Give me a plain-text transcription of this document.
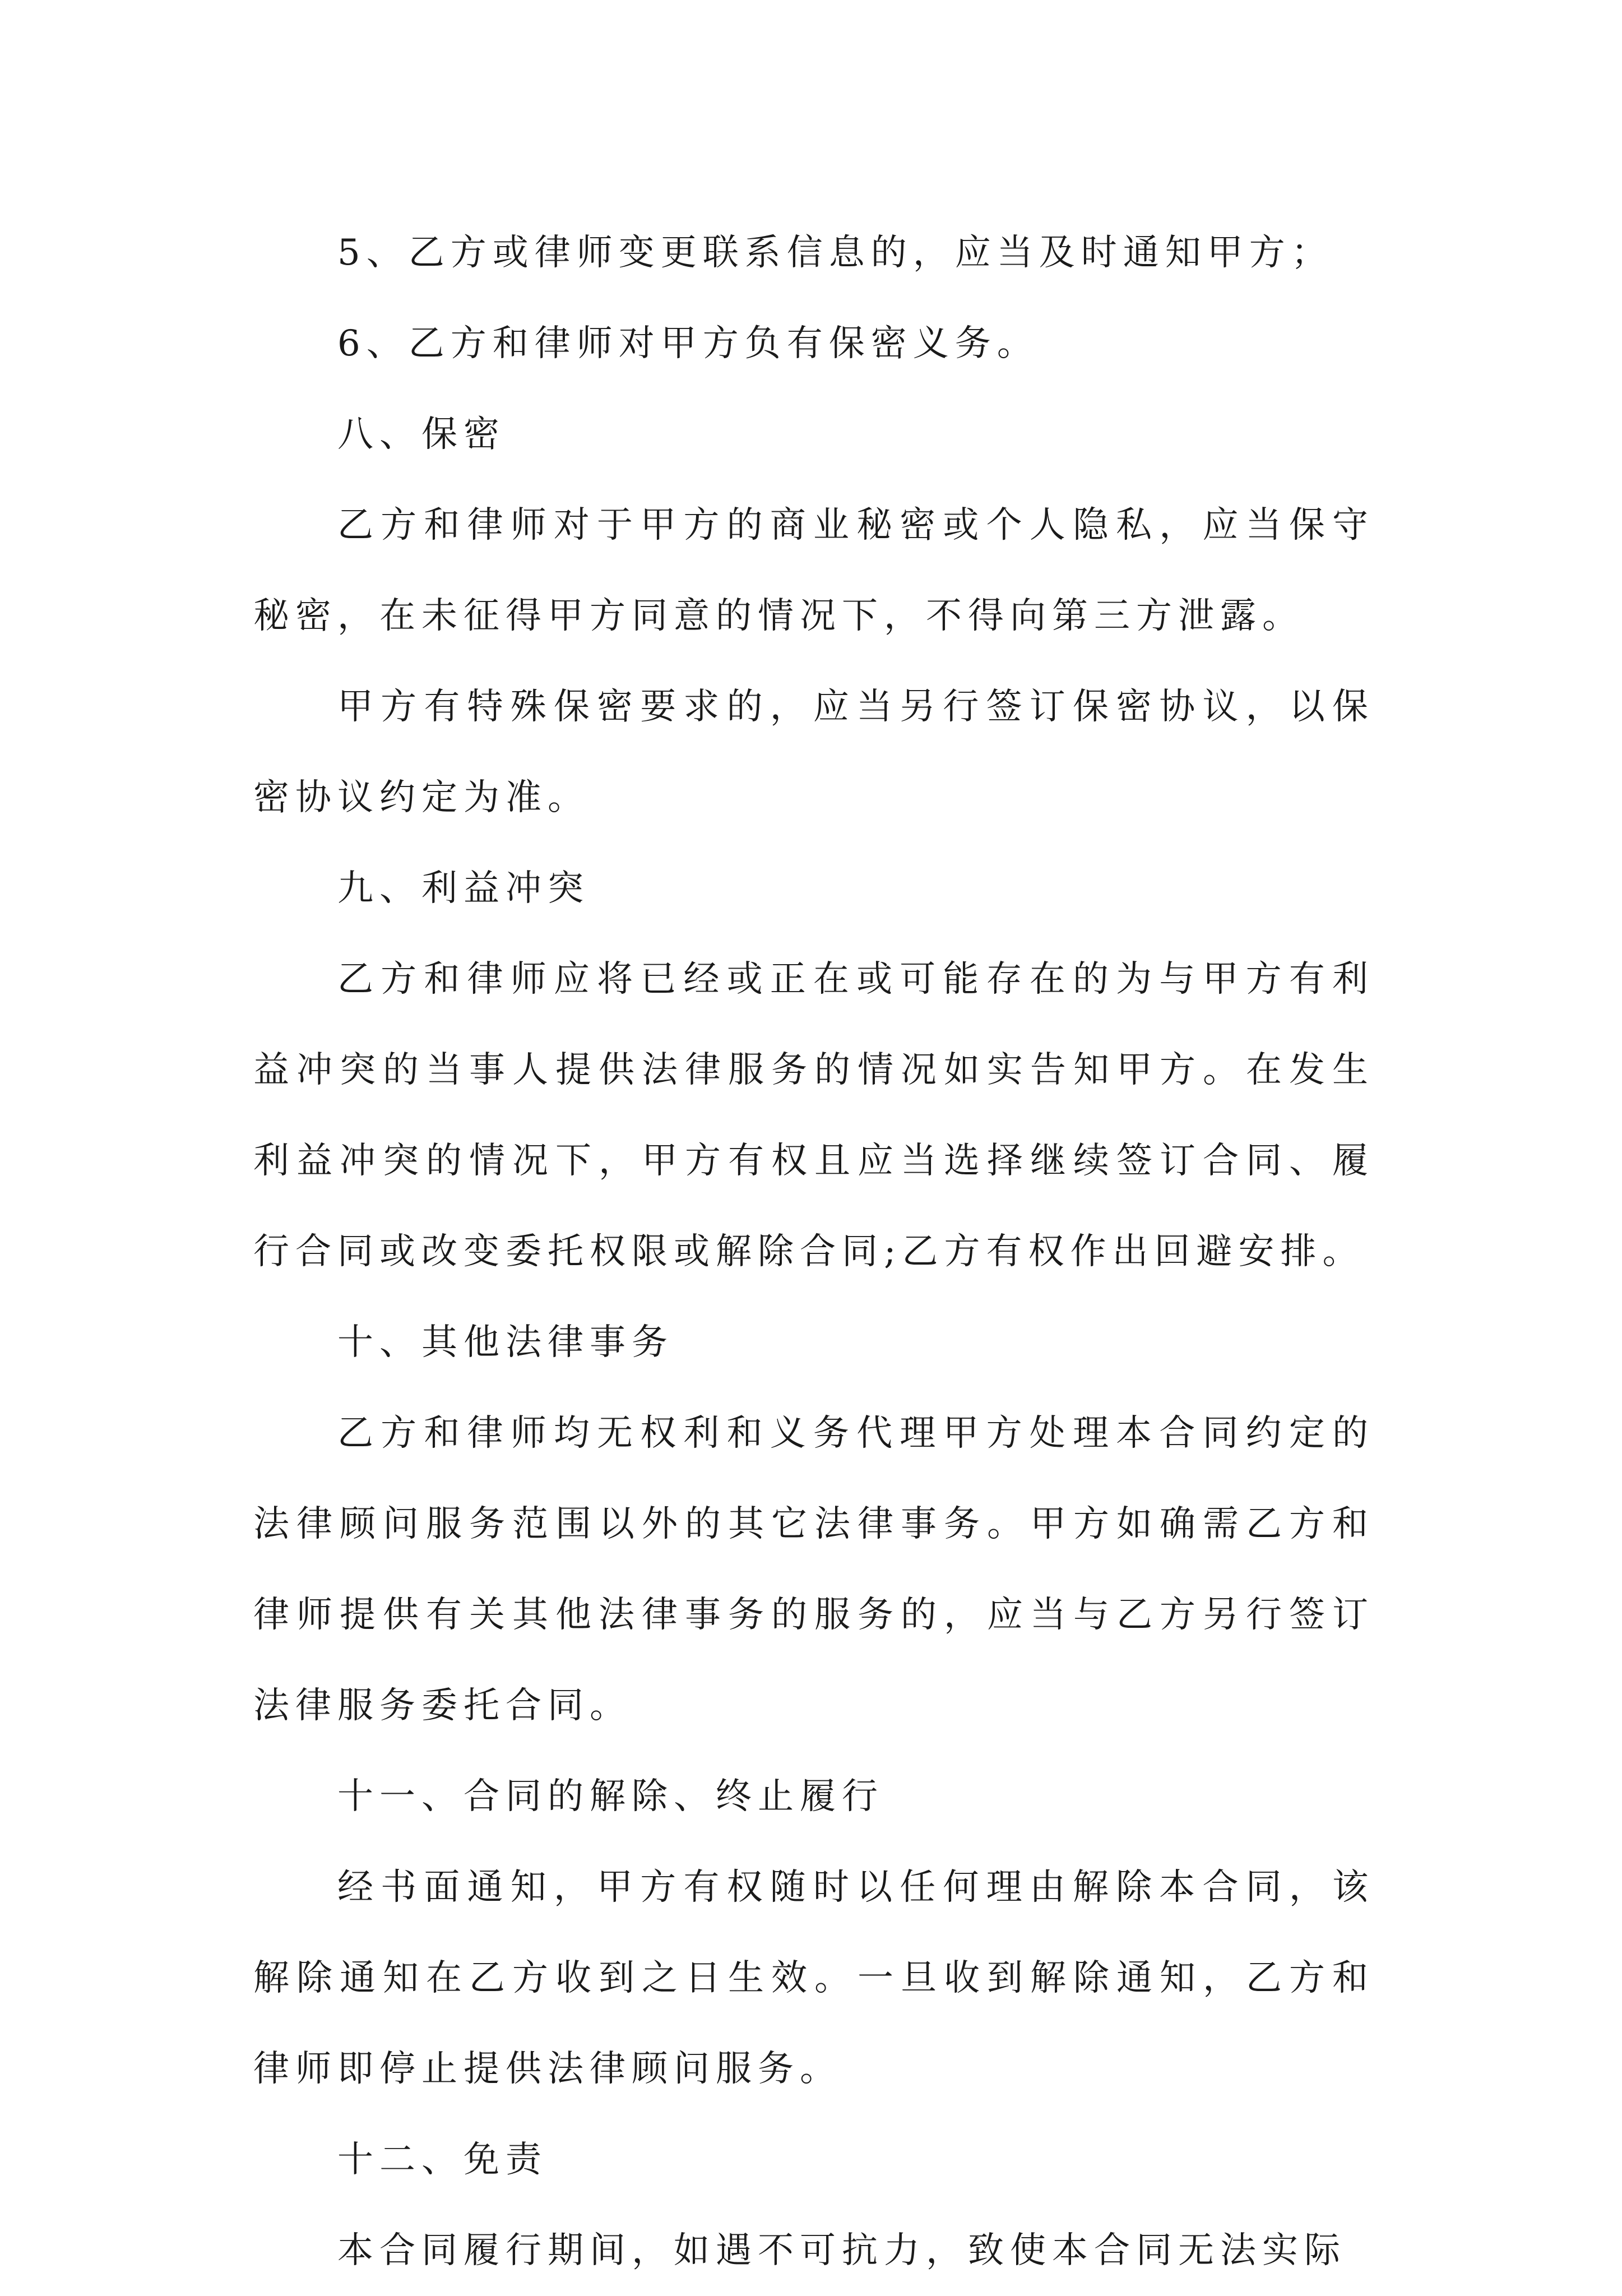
5、乙方或律师变更联系信息的，应当及时通知甲方；

6、乙方和律师对甲方负有保密义务。

八、保密

乙方和律师对于甲方的商业秘密或个人隐私，应当保守秘密，在未征得甲方同意的情况下，不得向第三方泄露。

甲方有特殊保密要求的，应当另行签订保密协议，以保密协议约定为准。

九、利益冲突

乙方和律师应将已经或正在或可能存在的为与甲方有利益冲突的当事人提供法律服务的情况如实告知甲方。在发生利益冲突的情况下，甲方有权且应当选择继续签订合同、履行合同或改变委托权限或解除合同;乙方有权作出回避安排。

十、其他法律事务

乙方和律师均无权利和义务代理甲方处理本合同约定的法律顾问服务范围以外的其它法律事务。甲方如确需乙方和律师提供有关其他法律事务的服务的，应当与乙方另行签订法律服务委托合同。

十一、合同的解除、终止履行

经书面通知，甲方有权随时以任何理由解除本合同，该解除通知在乙方收到之日生效。一旦收到解除通知，乙方和律师即停止提供法律顾问服务。

十二、免责

本合同履行期间，如遇不可抗力，致使本合同无法实际
